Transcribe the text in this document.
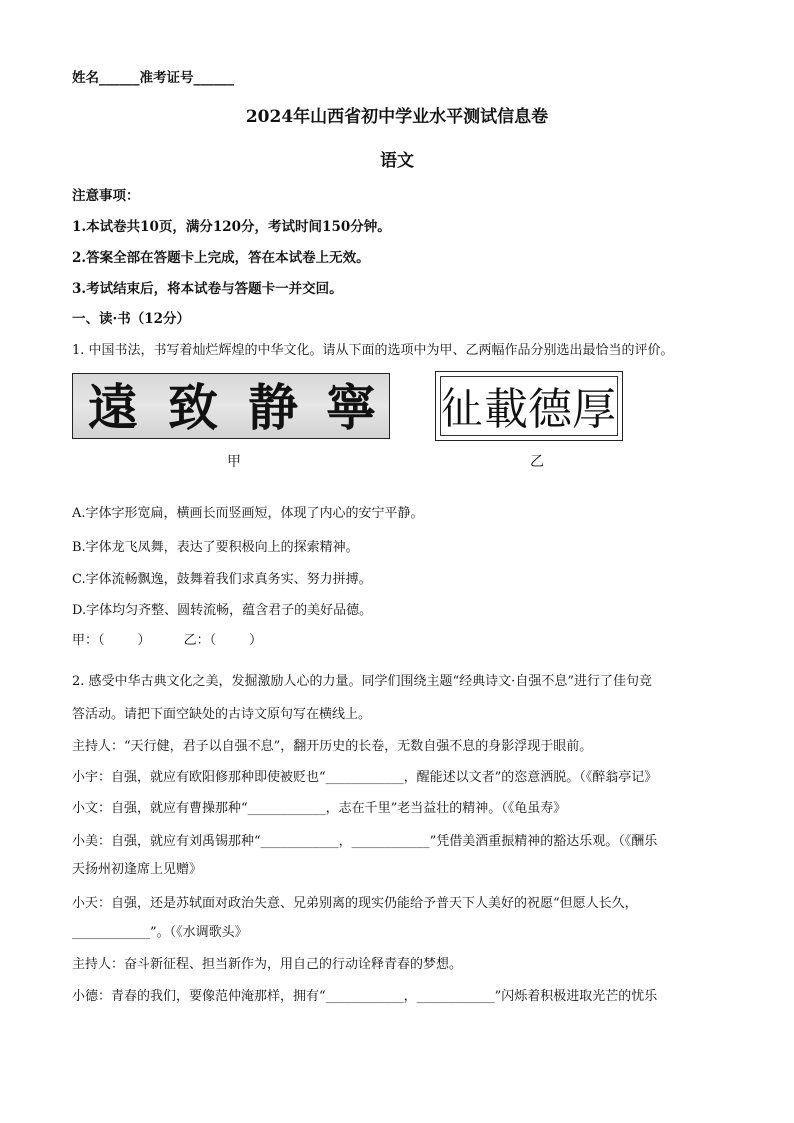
姓名______准考证号______
2024年山西省初中学业水平测试信息卷
语文
注意事项：
1.本试卷共10页，满分120分，考试时间150分钟。
2.答案全部在答题卡上完成，答在本试卷上无效。
3.考试结束后，将本试卷与答题卡一并交回。
一、读·书（12分）
1. 中国书法，书写着灿烂辉煌的中华文化。请从下面的选项中为甲、乙两幅作品分别选出最恰当的评价。
遠 致 静 寧
甲
𢓊 載 德 厚
乙
A.字体字形宽扁，横画长而竖画短，体现了内心的安宁平静。
B.字体龙飞凤舞，表达了要积极向上的探索精神。
C.字体流畅飘逸，鼓舞着我们求真务实、努力拼搏。
D.字体均匀齐整、圆转流畅，蕴含君子的美好品德。
甲：（        ）        乙：（        ）
2. 感受中华古典文化之美，发掘激励人心的力量。同学们围绕主题“经典诗文·自强不息”进行了佳句竞
答活动。请把下面空缺处的古诗文原句写在横线上。
主持人：“天行健，君子以自强不息”，翻开历史的长卷，无数自强不息的身影浮现于眼前。
小宇：自强，就应有欧阳修那种即使被贬也“____________，醒能述以文者”的恣意洒脱。（《醉翁亭记》
小文：自强，就应有曹操那种“____________，志在千里”老当益壮的精神。（《龟虽寿》
小美：自强，就应有刘禹锡那种“____________，____________”凭借美酒重振精神的豁达乐观。（《酬乐
天扬州初逢席上见赠》
小天：自强，还是苏轼面对政治失意、兄弟别离的现实仍能给予普天下人美好的祝愿“但愿人长久，
____________”。（《水调歌头》
主持人：奋斗新征程、担当新作为，用自己的行动诠释青春的梦想。
小德：青春的我们，要像范仲淹那样，拥有“____________，____________”闪烁着积极进取光芒的忧乐
